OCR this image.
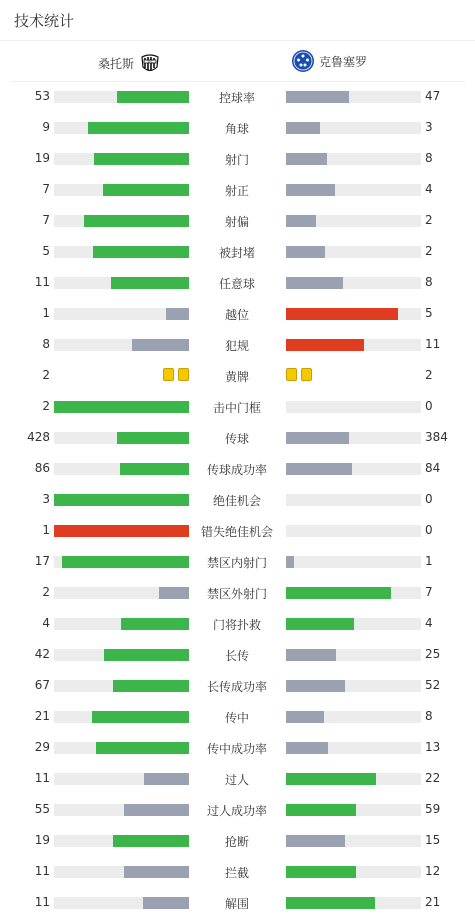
技术统计
桑托斯	SFC	克鲁塞罗
53	控球率	47
9	角球	3
19	射门	8
7	射正	4
7	射偏	2
5	被封堵	2
11	任意球	8
1	越位	5
8	犯规	11
2	黄牌	2
2	击中门框	0
428	传球	384
86	传球成功率	84
3	绝佳机会	0
1	错失绝佳机会	0
17	禁区内射门	1
2	禁区外射门	7
4	门将扑救	4
42	长传	25
67	长传成功率	52
21	传中	8
29	传中成功率	13
11	过人	22
55	过人成功率	59
19	抢断	15
11	拦截	12
11	解围	21
